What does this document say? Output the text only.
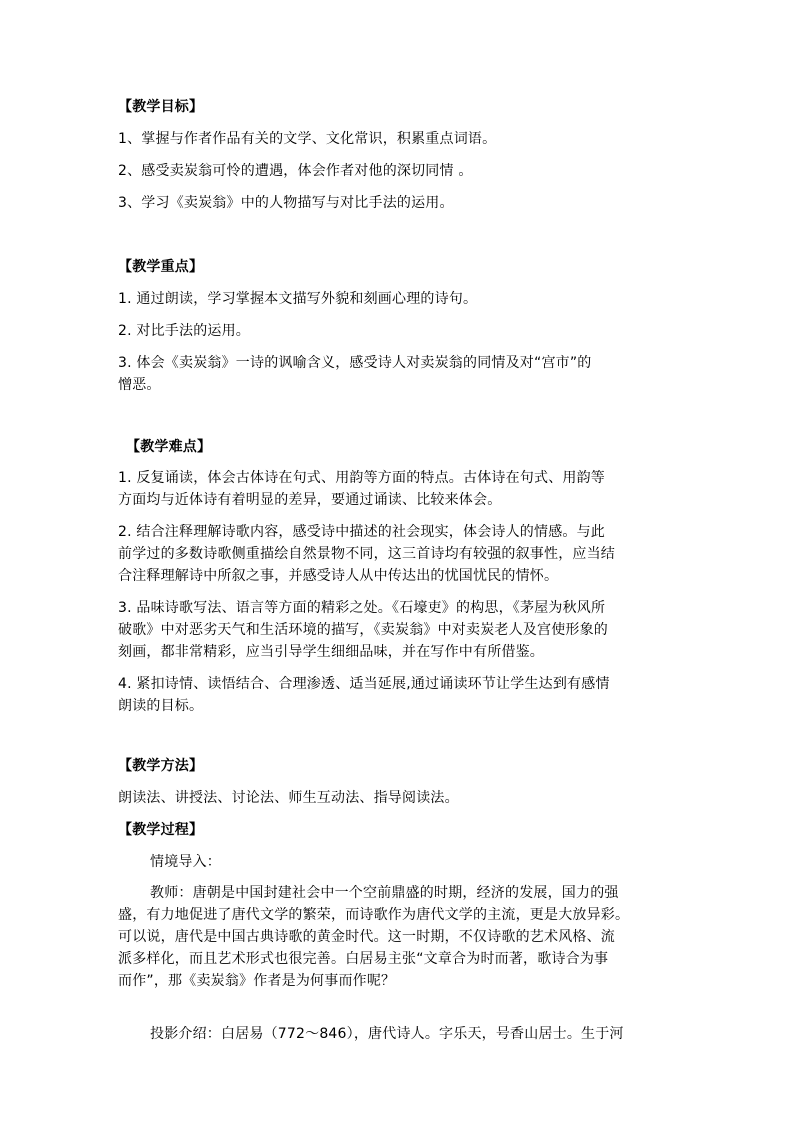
【教学目标】
1、掌握与作者作品有关的文学、文化常识，积累重点词语。
2、感受卖炭翁可怜的遭遇，体会作者对他的深切同情 。
3、学习《卖炭翁》中的人物描写与对比手法的运用。
【教学重点】
1. 通过朗读，学习掌握本文描写外貌和刻画心理的诗句。
2. 对比手法的运用。
3. 体会《卖炭翁》一诗的讽喻含义，感受诗人对卖炭翁的同情及对“宫市”的
憎恶。
【教学难点】
1. 反复诵读，体会古体诗在句式、用韵等方面的特点。古体诗在句式、用韵等
方面均与近体诗有着明显的差异，要通过诵读、比较来体会。
2. 结合注释理解诗歌内容，感受诗中描述的社会现实，体会诗人的情感。与此
前学过的多数诗歌侧重描绘自然景物不同，这三首诗均有较强的叙事性，应当结
合注释理解诗中所叙之事，并感受诗人从中传达出的忧国忧民的情怀。
3. 品味诗歌写法、语言等方面的精彩之处。《石壕吏》的构思，《茅屋为秋风所
破歌》中对恶劣天气和生活环境的描写，《卖炭翁》中对卖炭老人及宫使形象的
刻画，都非常精彩，应当引导学生细细品味，并在写作中有所借鉴。
4. 紧扣诗情、读悟结合、合理渗透、适当延展,通过诵读环节让学生达到有感情
朗读的目标。
【教学方法】
朗读法、讲授法、讨论法、师生互动法、指导阅读法。
【教学过程】
情境导入：
教师：唐朝是中国封建社会中一个空前鼎盛的时期，经济的发展，国力的强
盛，有力地促进了唐代文学的繁荣，而诗歌作为唐代文学的主流，更是大放异彩。
可以说，唐代是中国古典诗歌的黄金时代。这一时期，不仅诗歌的艺术风格、流
派多样化，而且艺术形式也很完善。白居易主张“文章合为时而著，歌诗合为事
而作”，那《卖炭翁》作者是为何事而作呢？
投影介绍：白居易（772～846），唐代诗人。字乐天，号香山居士。生于河
